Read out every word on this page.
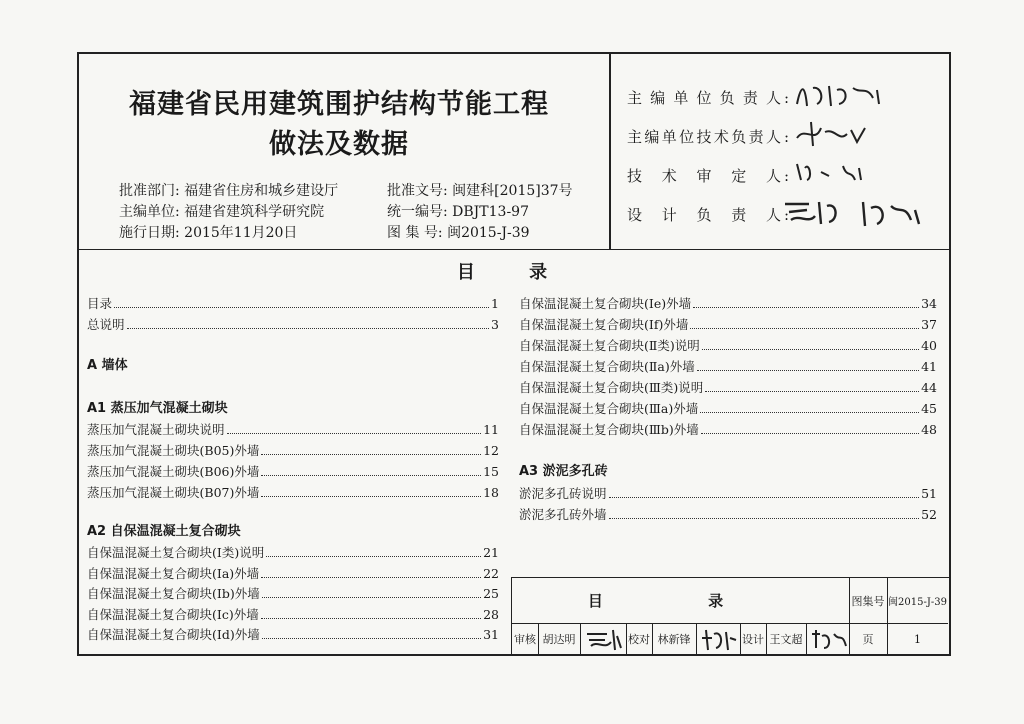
福建省民用建筑围护结构节能工程
做法及数据
批准部门: 福建省住房和城乡建设厅	批准文号: 闽建科[2015]37号
主编单位: 福建省建筑科学研究院	统一编号: DBJT13-97
施行日期: 2015年11月20日	图 集 号: 闽2015-J-39
主编单位负责人 :
主编单位技术负责人 :
技术审定人 :
设计负责人 :
目 录
A 墙体
A1 蒸压加气混凝土砌块
A2 自保温混凝土复合砌块
A3 淤泥多孔砖
目录	1
总说明	3
蒸压加气混凝土砌块说明	11
蒸压加气混凝土砌块(B05)外墙	12
蒸压加气混凝土砌块(B06)外墙	15
蒸压加气混凝土砌块(B07)外墙	18
自保温混凝土复合砌块(Ⅰ类)说明	21
自保温混凝土复合砌块(Ⅰa)外墙	22
自保温混凝土复合砌块(Ⅰb)外墙	25
自保温混凝土复合砌块(Ⅰc)外墙	28
自保温混凝土复合砌块(Ⅰd)外墙	31
自保温混凝土复合砌块(Ⅰe)外墙	34
自保温混凝土复合砌块(Ⅰf)外墙	37
自保温混凝土复合砌块(Ⅱ类)说明	40
自保温混凝土复合砌块(Ⅱa)外墙	41
自保温混凝土复合砌块(Ⅲ类)说明	44
自保温混凝土复合砌块(Ⅲa)外墙	45
自保温混凝土复合砌块(Ⅲb)外墙	48
淤泥多孔砖说明	51
淤泥多孔砖外墙	52
目 录	图集号 闽2015-J-39
审核 胡达明	校对 林新锋	设计 王文超	页	1
